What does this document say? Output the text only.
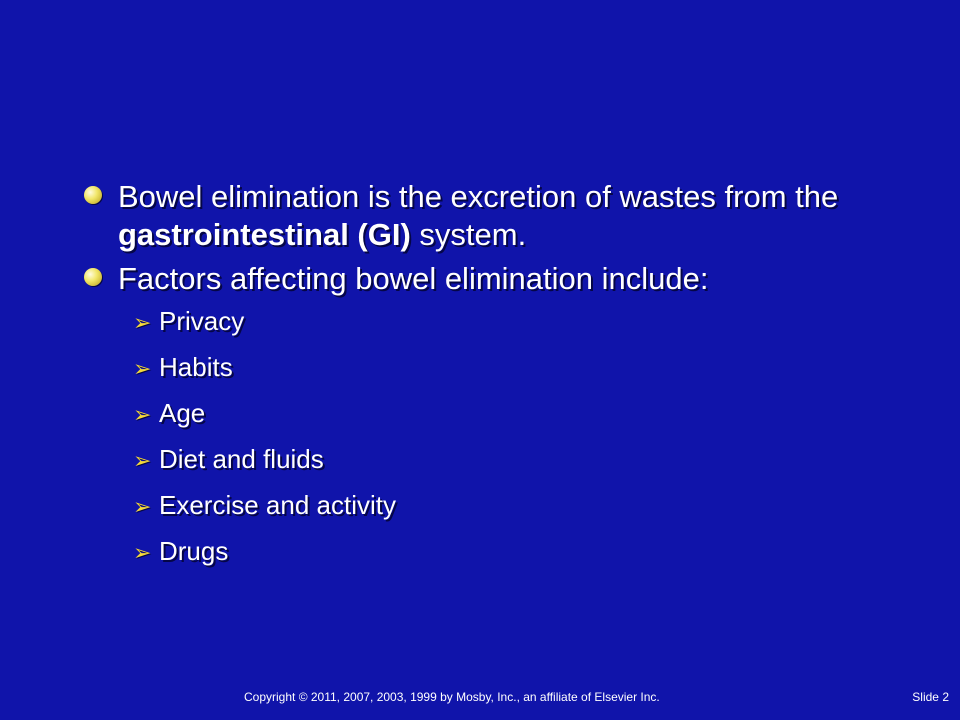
Bowel elimination is the excretion of wastes from the gastrointestinal (GI) system.
Factors affecting bowel elimination include:
➢ Privacy
➢ Habits
➢ Age
➢ Diet and fluids
➢ Exercise and activity
➢ Drugs
Copyright © 2011, 2007, 2003, 1999 by Mosby, Inc., an affiliate of Elsevier Inc.	Slide 2
